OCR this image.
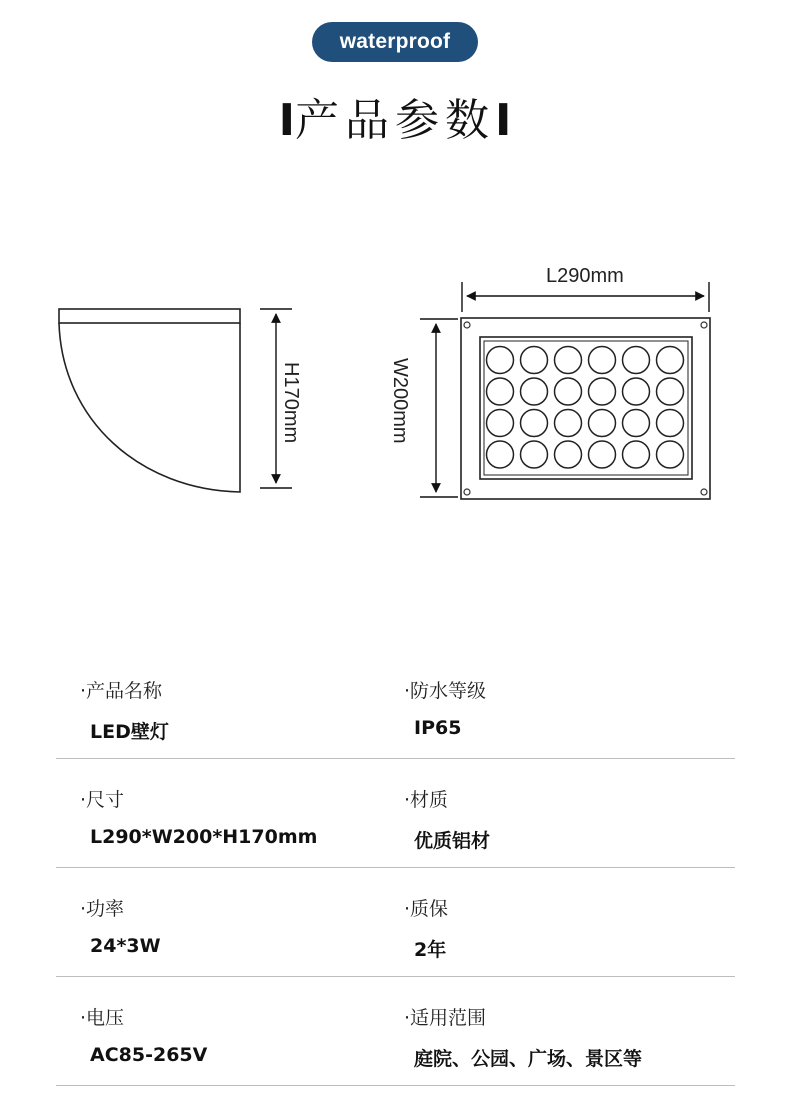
waterproof
I产品参数I
H170mm
L290mm
W200mm
·产品名称
LED壁灯
·防水等级
IP65
·尺寸
L290*W200*H170mm
·材质
优质铝材
·功率
24*3W
·质保
2年
·电压
AC85-265V
·适用范围
庭院、公园、广场、景区等
